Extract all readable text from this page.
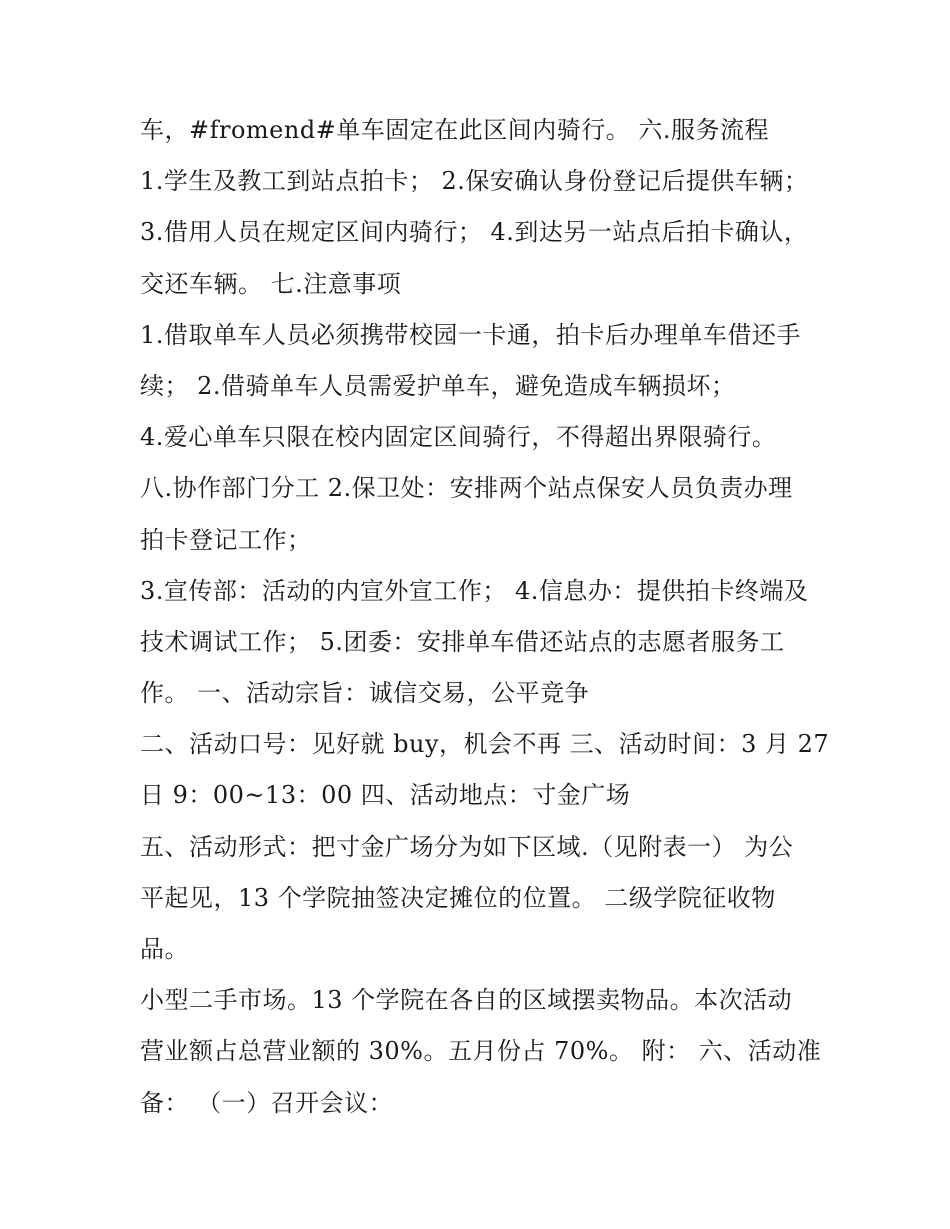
车，#fromend#单车固定在此区间内骑行。 六.服务流程
1.学生及教工到站点拍卡； 2.保安确认身份登记后提供车辆；
3.借用人员在规定区间内骑行； 4.到达另一站点后拍卡确认，
交还车辆。 七.注意事项
1.借取单车人员必须携带校园一卡通，拍卡后办理单车借还手
续； 2.借骑单车人员需爱护单车，避免造成车辆损坏；
4.爱心单车只限在校内固定区间骑行，不得超出界限骑行。
八.协作部门分工 2.保卫处：安排两个站点保安人员负责办理
拍卡登记工作；
3.宣传部：活动的内宣外宣工作； 4.信息办：提供拍卡终端及
技术调试工作； 5.团委：安排单车借还站点的志愿者服务工
作。 一、活动宗旨：诚信交易，公平竞争
二、活动口号：见好就 buy，机会不再 三、活动时间：3 月 27
日 9：00~13：00 四、活动地点：寸金广场
五、活动形式：把寸金广场分为如下区域.（见附表一） 为公
平起见，13 个学院抽签决定摊位的位置。 二级学院征收物
品。
小型二手市场。13 个学院在各自的区域摆卖物品。本次活动
营业额占总营业额的 30%。五月份占 70%。 附： 六、活动准
备： （一）召开会议：
